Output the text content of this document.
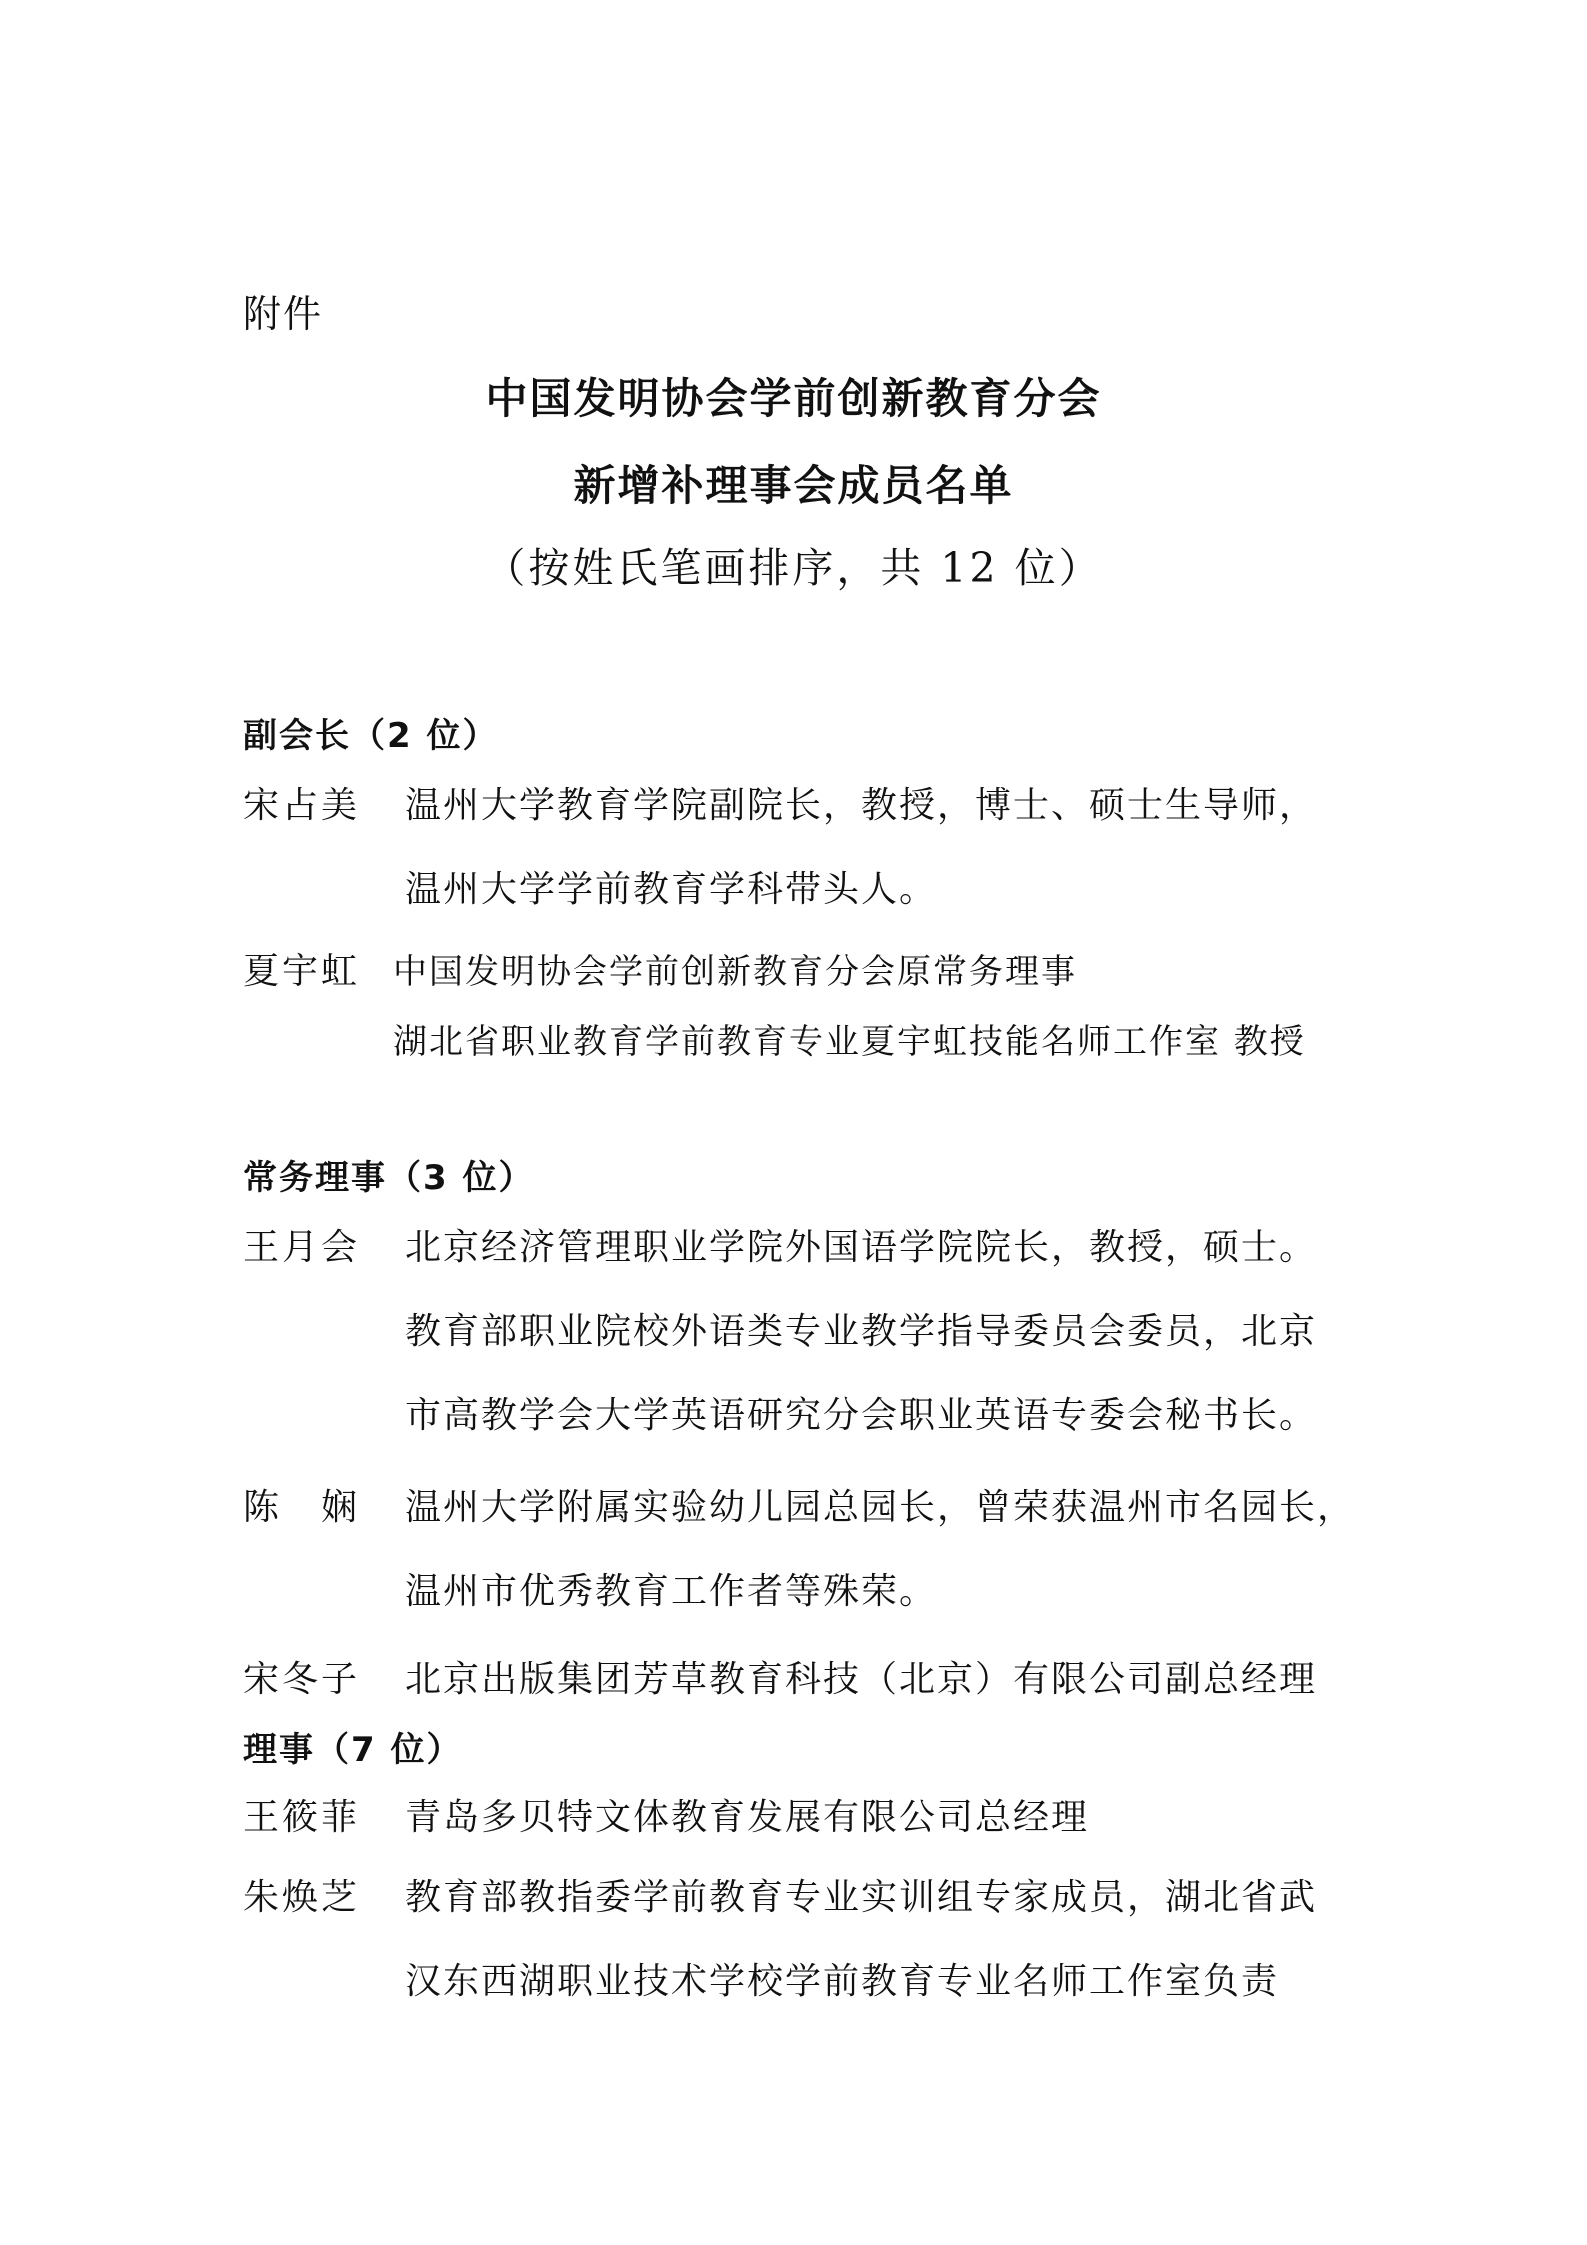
附件
中国发明协会学前创新教育分会
新增补理事会成员名单
（按姓氏笔画排序，共 12 位）
副会长（2 位）
宋占美 温州大学教育学院副院长，教授，博士、硕士生导师，
温州大学学前教育学科带头人。
夏宇虹 中国发明协会学前创新教育分会原常务理事
湖北省职业教育学前教育专业夏宇虹技能名师工作室 教授
常务理事（3 位）
王月会 北京经济管理职业学院外国语学院院长，教授，硕士。
教育部职业院校外语类专业教学指导委员会委员，北京
市高教学会大学英语研究分会职业英语专委会秘书长。
陈　娴 温州大学附属实验幼儿园总园长，曾荣获温州市名园长，
温州市优秀教育工作者等殊荣。
宋冬子 北京出版集团芳草教育科技（北京）有限公司副总经理
理事（7 位）
王筱菲 青岛多贝特文体教育发展有限公司总经理
朱焕芝 教育部教指委学前教育专业实训组专家成员，湖北省武
汉东西湖职业技术学校学前教育专业名师工作室负责
